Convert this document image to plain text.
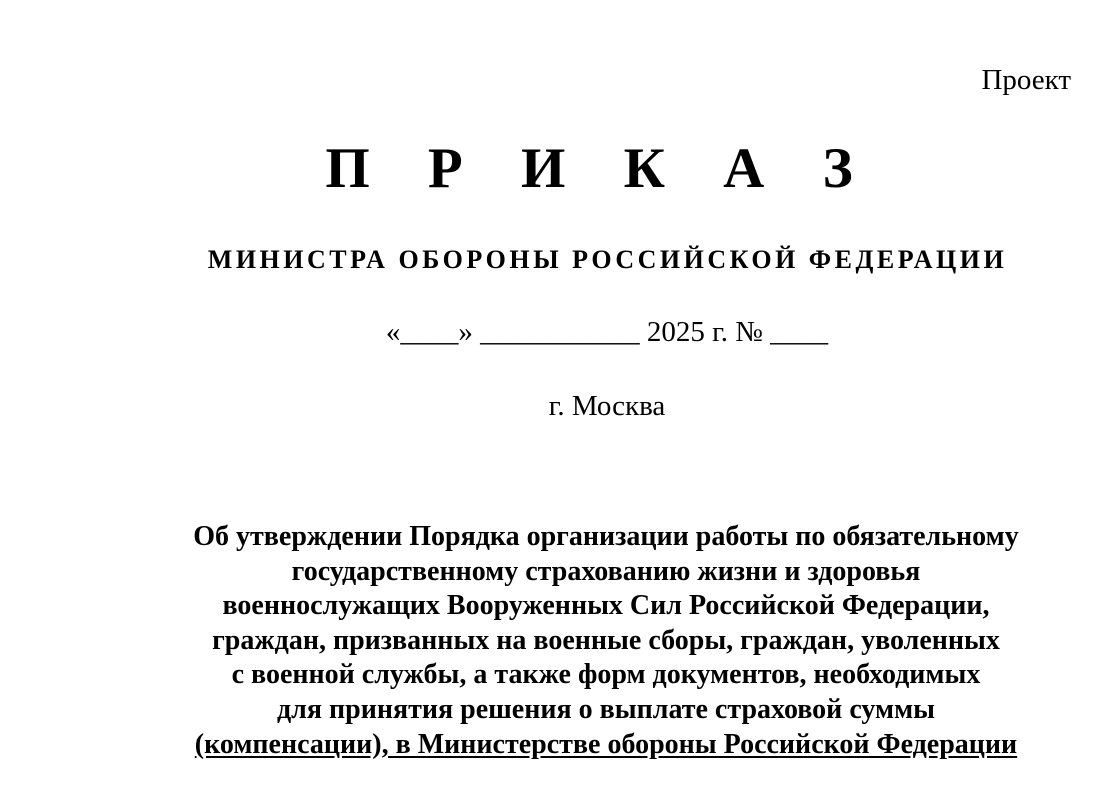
Проект
П Р И К А З
МИНИСТРА ОБОРОНЫ РОССИЙСКОЙ ФЕДЕРАЦИИ
«____» ___________ 2025 г. № ____
г. Москва
Об утверждении Порядка организации работы по обязательному
государственному страхованию жизни и здоровья
военнослужащих Вооруженных Сил Российской Федерации,
граждан, призванных на военные сборы, граждан, уволенных
с военной службы, а также форм документов, необходимых
для принятия решения о выплате страховой суммы
(компенсации), в Министерстве обороны Российской Федерации
